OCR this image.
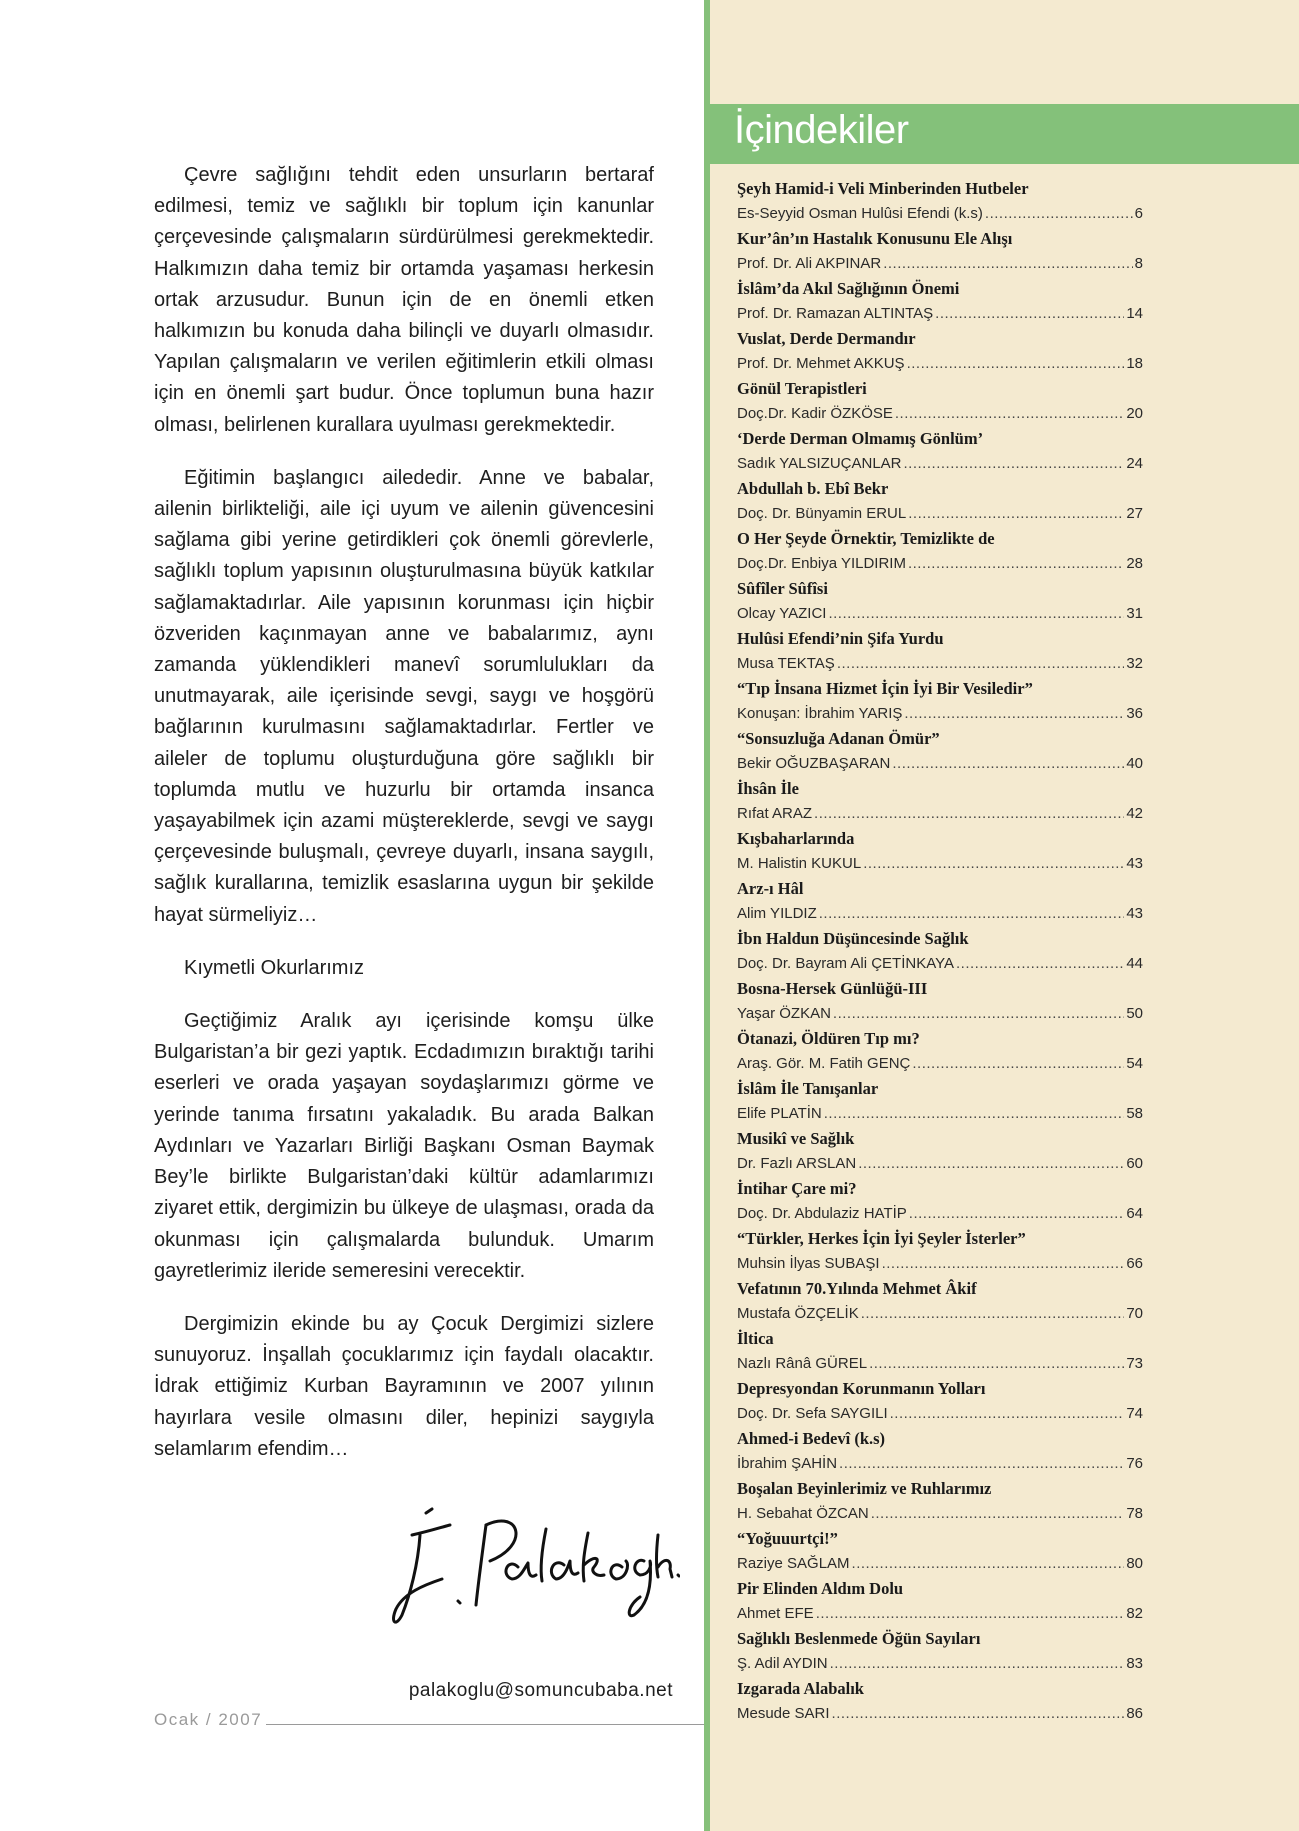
Çevre sağlığını tehdit eden unsurların bertaraf edilmesi, temiz ve sağlıklı bir toplum için kanunlar çerçevesinde çalışmaların sürdürülmesi gerekmektedir. Halkımızın daha temiz bir ortamda yaşaması herkesin ortak arzusudur. Bunun için de en önemli etken halkımızın bu konuda daha bilinçli ve duyarlı olmasıdır. Yapılan çalışmaların ve verilen eğitimlerin etkili olması için en önemli şart budur. Önce toplumun buna hazır olması, belirlenen kurallara uyulması gerekmektedir.

Eğitimin başlangıcı ailededir. Anne ve babalar, ailenin birlikteliği, aile içi uyum ve ailenin güvencesini sağlama gibi yerine getirdikleri çok önemli görevlerle, sağlıklı toplum yapısının oluşturulmasına büyük katkılar sağlamaktadırlar. Aile yapısının korunması için hiçbir özveriden kaçınmayan anne ve babalarımız, aynı zamanda yüklendikleri manevî sorumlulukları da unutmayarak, aile içerisinde sevgi, saygı ve hoşgörü bağlarının kurulmasını sağlamaktadırlar. Fertler ve aileler de toplumu oluşturduğuna göre sağlıklı bir toplumda mutlu ve huzurlu bir ortamda insanca yaşayabilmek için azami müştereklerde, sevgi ve saygı çerçevesinde buluşmalı, çevreye duyarlı, insana saygılı, sağlık kurallarına, temizlik esaslarına uygun bir şekilde hayat sürmeliyiz…

Kıymetli Okurlarımız

Geçtiğimiz Aralık ayı içerisinde komşu ülke Bulgaristan’a bir gezi yaptık. Ecdadımızın bıraktığı tarihi eserleri ve orada yaşayan soydaşlarımızı görme ve yerinde tanıma fırsatını yakaladık. Bu arada Balkan Aydınları ve Yazarları Birliği Başkanı Osman Baymak Bey’le birlikte Bulgaristan’daki kültür adamlarımızı ziyaret ettik, dergimizin bu ülkeye de ulaşması, orada da okunması için çalışmalarda bulunduk. Umarım gayretlerimiz ileride semeresini verecektir.

Dergimizin ekinde bu ay Çocuk Dergimizi sizlere sunuyoruz. İnşallah çocuklarımız için faydalı olacaktır. İdrak ettiğimiz Kurban Bayramının ve 2007 yılının hayırlara vesile olmasını diler, hepinizi saygıyla selamlarım efendim…

palakoglu@somuncubaba.net
Ocak / 2007
İçindekiler
Şeyh Hamid-i Veli Minberinden Hutbeler
Es-Seyyid Osman Hulûsi Efendi (k.s) .....	6
Kur’ân’ın Hastalık Konusunu Ele Alışı
Prof. Dr. Ali AKPINAR .....	8
İslâm’da Akıl Sağlığının Önemi
Prof. Dr. Ramazan ALTINTAŞ .....	14
Vuslat, Derde Dermandır
Prof. Dr. Mehmet AKKUŞ .....	18
Gönül Terapistleri
Doç.Dr. Kadir ÖZKÖSE .....	20
‘Derde Derman Olmamış Gönlüm’
Sadık YALSIZUÇANLAR .....	24
Abdullah b. Ebî Bekr
Doç. Dr. Bünyamin ERUL .....	27
O Her Şeyde Örnektir, Temizlikte de
Doç.Dr. Enbiya YILDIRIM .....	28
Sûfîler Sûfîsi
Olcay YAZICI .....	31
Hulûsi Efendi’nin Şifa Yurdu
Musa TEKTAŞ .....	32
“Tıp İnsana Hizmet İçin İyi Bir Vesiledir”
Konuşan: İbrahim YARIŞ .....	36
“Sonsuzluğa Adanan Ömür”
Bekir OĞUZBAŞARAN .....	40
İhsân İle
Rıfat ARAZ .....	42
Kışbaharlarında
M. Halistin KUKUL .....	43
Arz-ı Hâl
Alim YILDIZ .....	43
İbn Haldun Düşüncesinde Sağlık
Doç. Dr. Bayram Ali ÇETİNKAYA .....	44
Bosna-Hersek Günlüğü-III
Yaşar ÖZKAN .....	50
Ötanazi, Öldüren Tıp mı?
Araş. Gör. M. Fatih GENÇ .....	54
İslâm İle Tanışanlar
Elife PLATİN .....	58
Musikî ve Sağlık
Dr. Fazlı ARSLAN .....	60
İntihar Çare mi?
Doç. Dr. Abdulaziz HATİP .....	64
“Türkler, Herkes İçin İyi Şeyler İsterler”
Muhsin İlyas SUBAŞI .....	66
Vefatının 70.Yılında Mehmet Âkif
Mustafa ÖZÇELİK .....	70
İltica
Nazlı Rânâ GÜREL .....	73
Depresyondan Korunmanın Yolları
Doç. Dr. Sefa SAYGILI .....	74
Ahmed-i Bedevî (k.s)
İbrahim ŞAHİN .....	76
Boşalan Beyinlerimiz ve Ruhlarımız
H. Sebahat ÖZCAN .....	78
“Yoğuuurtçi!”
Raziye SAĞLAM .....	80
Pir Elinden Aldım Dolu
Ahmet EFE .....	82
Sağlıklı Beslenmede Öğün Sayıları
Ş. Adil AYDIN .....	83
Izgarada Alabalık
Mesude SARI .....	86
